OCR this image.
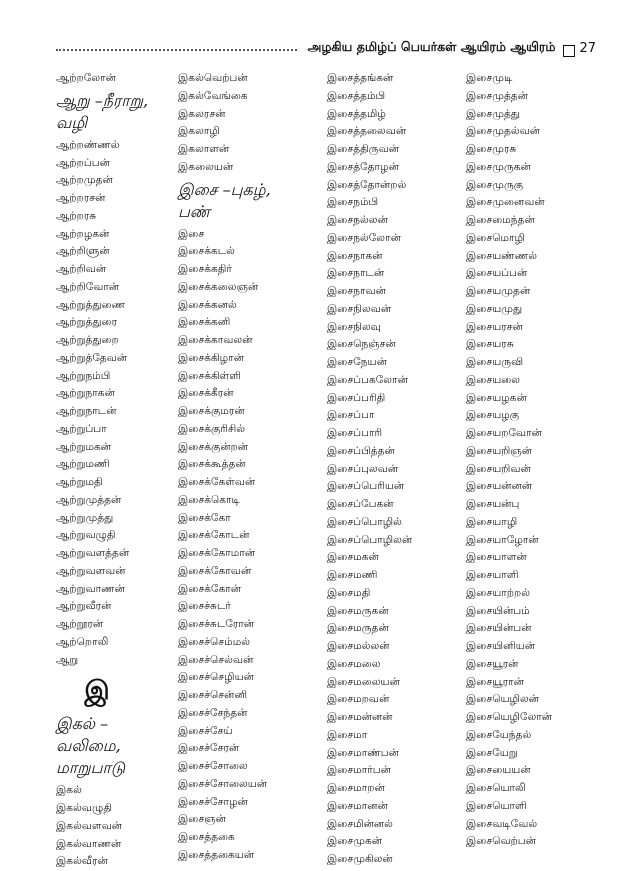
அழகிய தமிழ்ப் பெயர்கள் ஆயிரம் ஆயிரம் 27
ஆற்றலோன்
ஆறு –நீராறு,
வழி
ஆற்றண்ணல்
ஆற்றப்பன்
ஆற்றமுதன்
ஆற்றரசன்
ஆற்றரசு
ஆற்றழகன்
ஆற்றிளுன்
ஆற்றிவன்
ஆற்றிவோன்
ஆற்றுத்துணை
ஆற்றுத்துரை
ஆற்றுத்துறை
ஆற்றுத்தேவன்
ஆற்றுநம்பி
ஆற்றுநாகன்
ஆற்றுநாடன்
ஆற்றுப்பா
ஆற்றுமகன்
ஆற்றுமணி
ஆற்றுமதி
ஆற்றுமுத்தன்
ஆற்றுமுத்து
ஆற்றுவழுதி
ஆற்றுவளத்தன்
ஆற்றுவளவன்
ஆற்றுவாணன்
ஆற்றுவீரன்
ஆற்றூரன்
ஆற்றொலி
ஆறு
இ
இகல் –
வலிமை,
மாறுபாடு
இகல்
இகல்வழுதி
இகல்வளவன்
இகல்வாணன்
இகல்வீரன்
இகல்வெற்பன்
இகல்வேங்கை
இகலரசன்
இகலாழி
இகலாளன்
இகலையன்
இசை –புகழ்,
பண்
இசை
இசைக்கடல்
இசைக்கதிர்
இசைக்கலைஞன்
இசைக்கனல்
இசைக்கனி
இசைக்காவலன்
இசைக்கிழான்
இசைக்கிள்ளி
இசைக்கீரன்
இசைக்குமரன்
இசைக்குரிசில்
இசைக்குன்றன்
இசைக்கூத்தன்
இசைக்கேள்வன்
இசைக்கொடி
இசைக்கோ
இசைக்கோடன்
இசைக்கோமான்
இசைக்கோவன்
இசைக்கோன்
இசைச்சுடர்
இசைச்சுடரோன்
இசைச்செம்மல்
இசைச்செல்வன்
இசைச்செழியன்
இசைச்சென்னி
இசைச்சேந்தன்
இசைச்சேய்
இசைச்சேரன்
இசைச்சோலை
இசைச்சோலையன்
இசைச்சோழன்
இசைஞன்
இசைத்தகை
இசைத்தகையன்
இசைத்தங்கன்
இசைத்தம்பி
இசைத்தமிழ்
இசைத்தலைவன்
இசைத்திருவன்
இசைத்தோழன்
இசைத்தோன்றல்
இசைநம்பி
இசைநல்லன்
இசைநல்லோன்
இசைநாகன்
இசைநாடன்
இசைநாவன்
இசைநிலவன்
இசைநிலவு
இசைநெஞ்சன்
இசைநேயன்
இசைப்பகலோன்
இசைப்பரிதி
இசைப்பா
இசைப்பாரி
இசைப்பித்தன்
இசைப்புலவன்
இசைப்பெரியன்
இசைப்பேகன்
இசைப்பொழில்
இசைப்பொழிலன்
இசைமகன்
இசைமணி
இசைமதி
இசைமருகன்
இசைமருதன்
இசைமல்லன்
இசைமலை
இசைமலையன்
இசைமறவன்
இசைமன்னன்
இசைமா
இசைமாண்பன்
இசைமார்பன்
இசைமாறன்
இசைமானன்
இசைமின்னல்
இசைமுகன்
இசைமுகிலன்
இசைமுடி
இசைமுத்தன்
இசைமுத்து
இசைமுதல்வன்
இசைமுரசு
இசைமுருகன்
இசைமுருகு
இசைமுனைவன்
இசைமைந்தன்
இசைமொழி
இசையண்ணல்
இசையப்பன்
இசையமுதன்
இசையமுது
இசையரசன்
இசையரசு
இசையருவி
இசையலை
இசையழகன்
இசையழகு
இசையறவோன்
இசையறிஞன்
இசையறிவன்
இசையன்னன்
இசையன்பு
இசையாழி
இசையாழோன்
இசையாளன்
இசையாளி
இசையாற்றல்
இசையின்பம்
இசையின்பன்
இசையினியன்
இசையூரன்
இசையூரான்
இசையெழிலன்
இசையெழிலோன்
இசையேந்தல்
இசையேறு
இசையையன்
இசையொலி
இசையொளி
இசைவடிவேல்
இசைவெற்பன்
